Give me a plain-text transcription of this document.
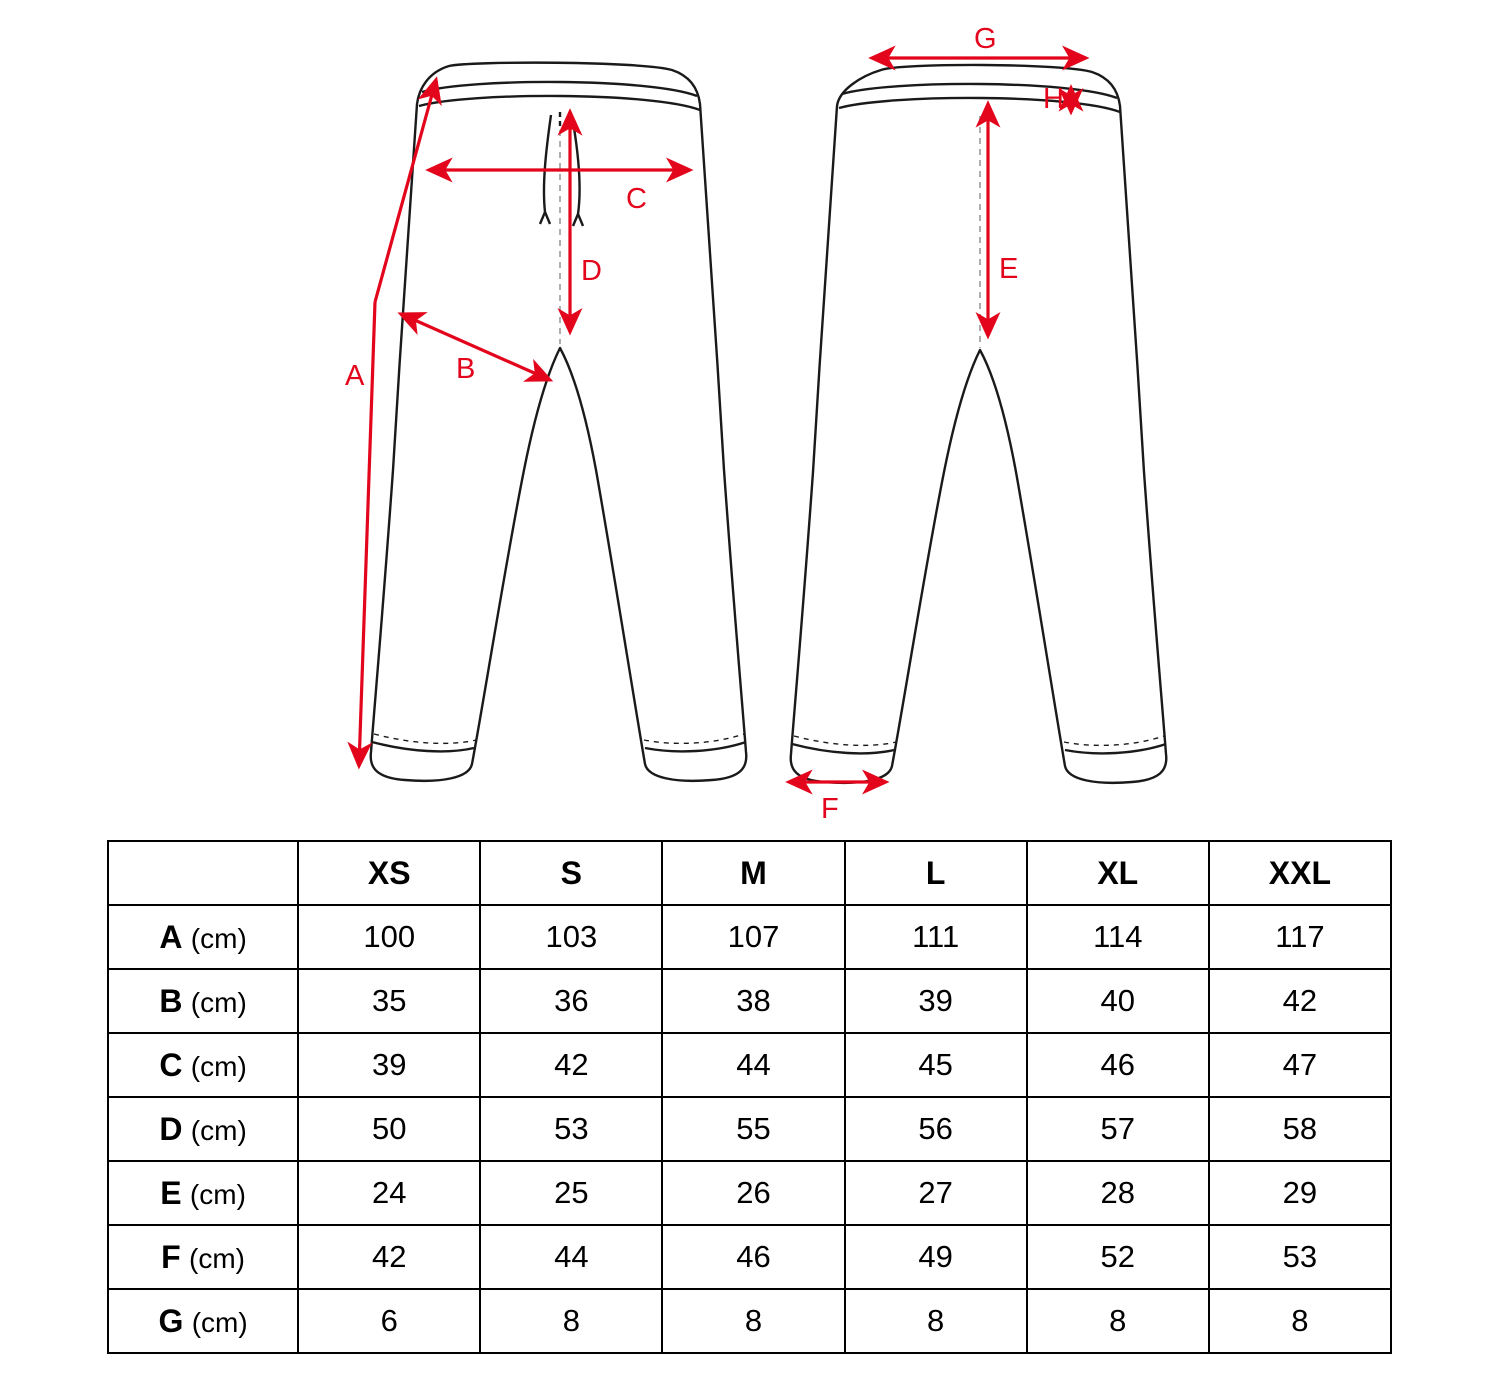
A	B
C
D
G
H
E
F
	XS	S	M	L	XL	XXL
A (cm)	100	103	107	111	114	117
B (cm)	35	36	38	39	40	42
C (cm)	39	42	44	45	46	47
D (cm)	50	53	55	56	57	58
E (cm)	24	25	26	27	28	29
F (cm)	42	44	46	49	52	53
G (cm)	6	8	8	8	8	8
